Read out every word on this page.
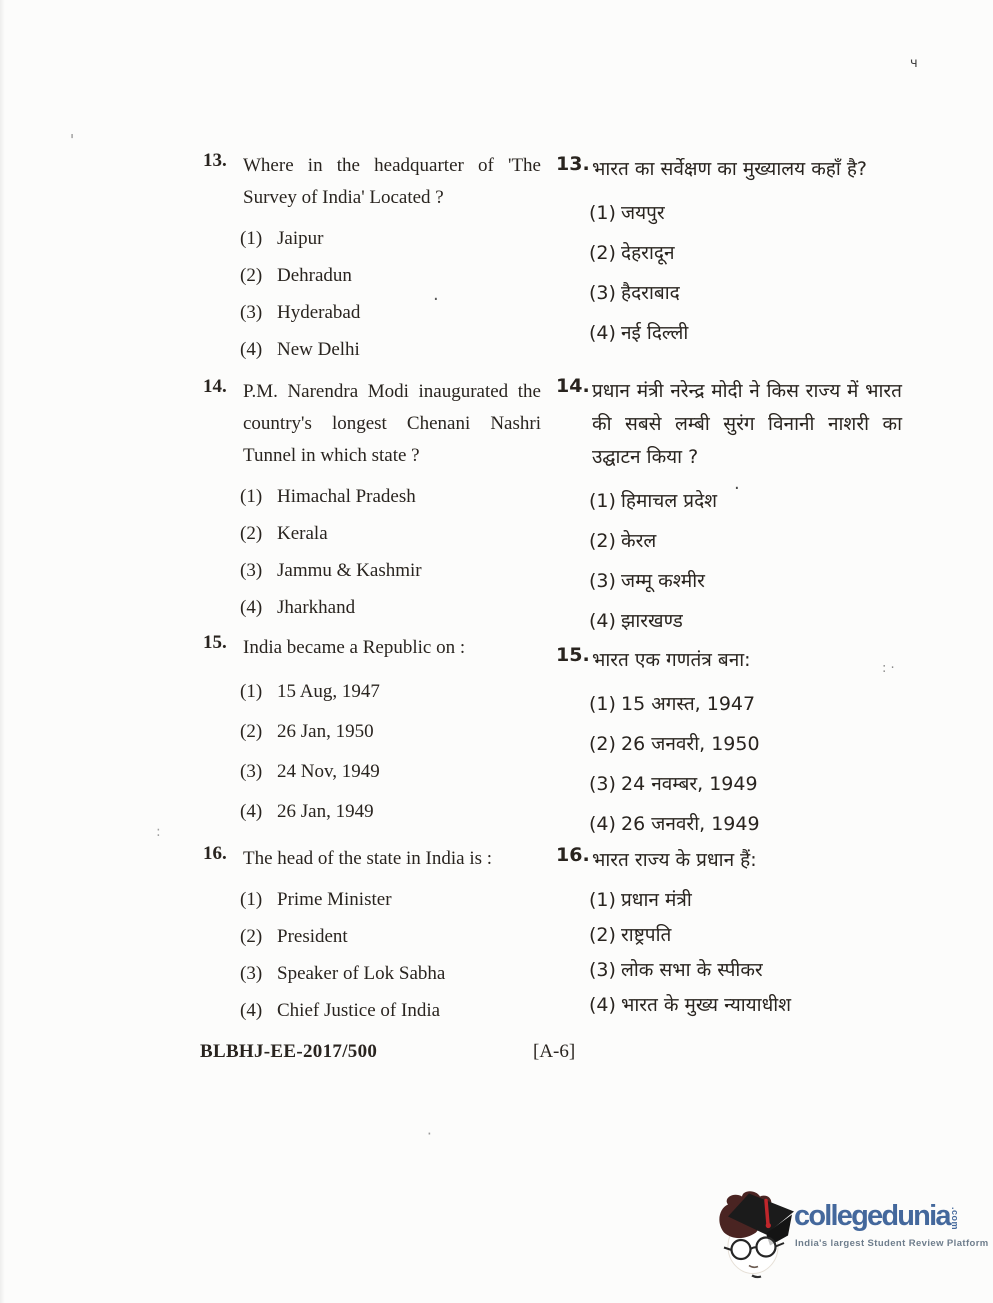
13. Where in the headquarter of 'The Survey of India' Located ?
(1) Jaipur
(2) Dehradun
(3) Hyderabad
(4) New Delhi
14. P.M. Narendra Modi inaugurated the country's longest Chenani Nashri Tunnel in which state ?
(1) Himachal Pradesh
(2) Kerala
(3) Jammu & Kashmir
(4) Jharkhand
15. India became a Republic on :
(1) 15 Aug, 1947
(2) 26 Jan, 1950
(3) 24 Nov, 1949
(4) 26 Jan, 1949
16. The head of the state in India is :
(1) Prime Minister
(2) President
(3) Speaker of Lok Sabha
(4) Chief Justice of India
13. भारत का सर्वेक्षण का मुख्यालय कहाँ है?
(1) जयपुर
(2) देहरादून
(3) हैदराबाद
(4) नई दिल्ली
14. प्रधान मंत्री नरेन्द्र मोदी ने किस राज्य में भारत की सबसे लम्बी सुरंग विनानी नाशरी का उद्घाटन किया ?
(1) हिमाचल प्रदेश
(2) केरल
(3) जम्मू कश्मीर
(4) झारखण्ड
15. भारत एक गणतंत्र बना:
(1) 15 अगस्त, 1947
(2) 26 जनवरी, 1950
(3) 24 नवम्बर, 1949
(4) 26 जनवरी, 1949
16. भारत राज्य के प्रधान हैं:
(1) प्रधान मंत्री
(2) राष्ट्रपति
(3) लोक सभा के स्पीकर
(4) भारत के मुख्य न्यायाधीश
BLBHJ-EE-2017/500	[A-6]
ч
'
·
: ·
:
·
·
collegedunia .com
India's largest Student Review Platform
